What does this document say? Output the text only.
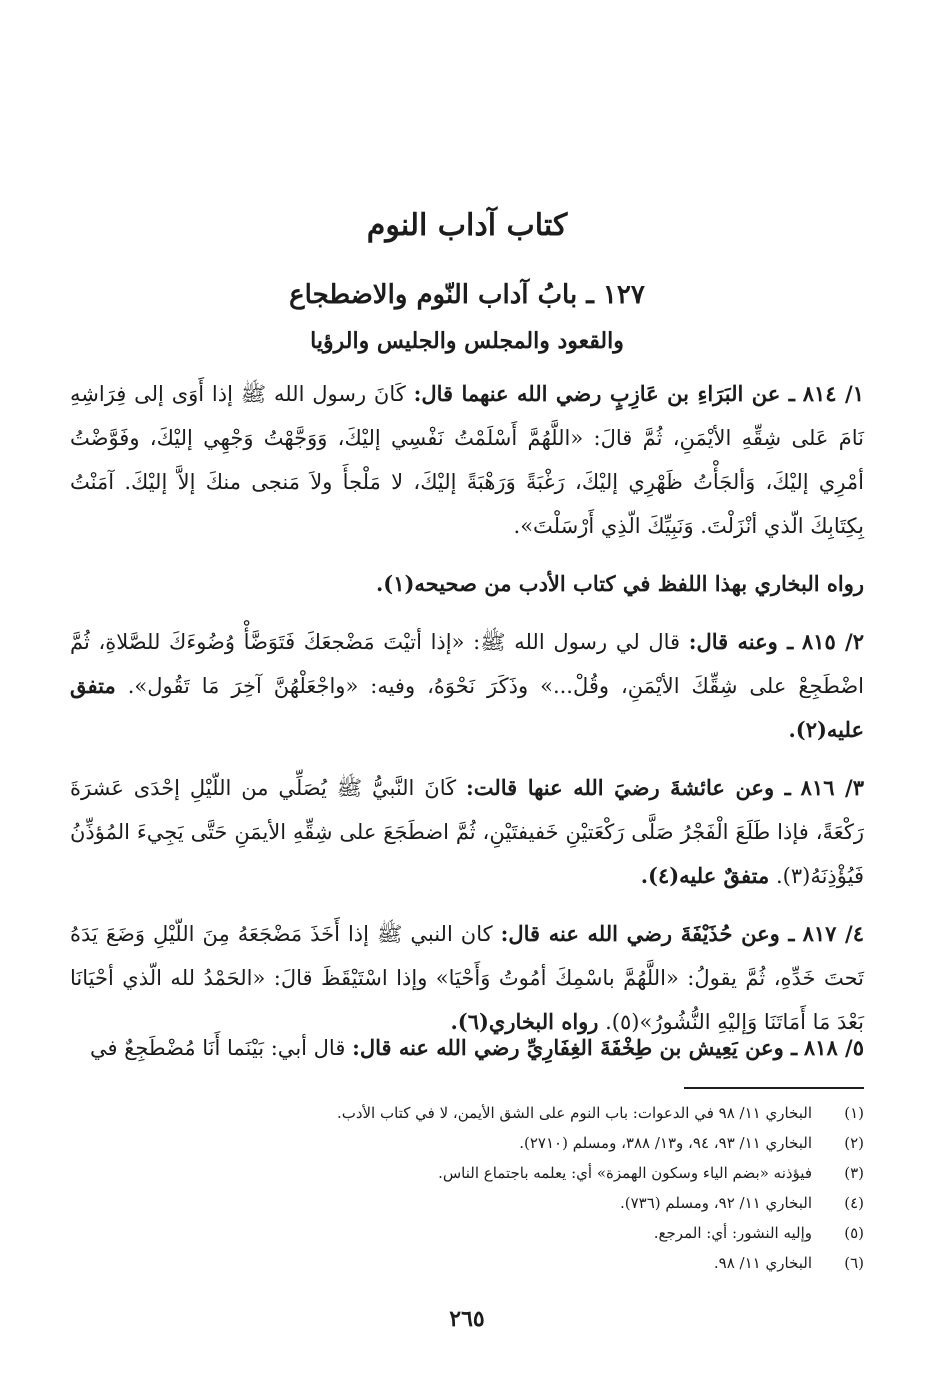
كتاب آداب النوم
١٢٧ ـ بابُ آداب النّوم والاضطجاع
والقعود والمجلس والجليس والرؤيا

١/ ٨١٤ ـ عن البَرَاءِ بن عَازِبٍ رضي الله عنهما قال: كَانَ رسول الله ﷺ إذا أَوَى إلى فِرَاشِهِ نَامَ عَلى شِقِّهِ الأيْمَنِ، ثُمَّ قالَ: «اللَّهُمَّ أَسْلَمْتُ نَفْسِي إليْكَ، وَوَجَّهْتُ وَجْهِي إليْكَ، وفَوَّضْتُ أمْرِي إليْكَ، وَألجَأْتُ ظَهْرِي إليْكَ، رَغْبَةً وَرَهْبَةً إليْكَ، لا مَلْجأَ ولاَ مَنجى منكَ إلاَّ إليْكَ. آمَنْتُ بِكِتَابِكَ الّذي أنْزَلْتَ. وَنَبِيِّكَ الّذِي أَرْسَلْتَ».

رواه البخاري بهذا اللفظ في كتاب الأدب من صحيحه(١).

٢/ ٨١٥ ـ وعنه قال: قال لي رسول الله ﷺ: «إذا أتيْتَ مَضْجعَكَ فَتَوَضَّأْ وُضُوءَكَ للصَّلاةِ، ثُمَّ اضْطَجِعْ على شِقِّكَ الأيْمَنِ، وقُلْ...» وذَكَرَ نَحْوَهُ، وفيه: «واجْعَلْهُنَّ آخِرَ مَا تَقُول». متفق عليه(٢).

٣/ ٨١٦ ـ وعن عائشةَ رضيَ الله عنها قالت: كَانَ النَّبيُّ ﷺ يُصَلِّي من اللّيْلِ إحْدَى عَشرَةَ رَكْعَةً، فإذا طَلَعَ الْفَجْرُ صَلَّى رَكْعَتيْنِ خَفيفتَيْنِ، ثُمَّ اضطَجَعَ على شِقِّهِ الأيمَنِ حَتَّى يَجِيءَ المُؤذِّنُ فَيُؤْذِنَهُ(٣). متفقٌ عليه(٤).

٤/ ٨١٧ ـ وعن حُذَيْفَةَ رضي الله عنه قال: كان النبي ﷺ إذا أَخَذَ مَضْجَعَهُ مِنَ اللّيْلِ وَضَعَ يَدَهُ تَحتَ خَدِّهِ، ثُمَّ يقولُ: «اللَّهُمَّ باسْمِكَ أمُوتُ وَأَحْيَا» وإذا اسْتَيْقَظَ قالَ: «الحَمْدُ لله الّذي أحْيَانَا بَعْدَ مَا أَمَاتَنَا وَإليْهِ النُّشُورُ»(٥). رواه البخاري(٦).

٥/ ٨١٨ ـ وعن يَعِيش بن طِخْفَةَ الغِفَارِيِّ رضي الله عنه قال: قال أبي: بَيْنَما أَنَا مُضْطَجِعٌ في

(١)البخاري ١١/ ٩٨ في الدعوات: باب النوم على الشق الأيمن، لا في كتاب الأدب.
(٢)البخاري ١١/ ٩٣، ٩٤، و١٣/ ٣٨٨، ومسلم (٢٧١٠).
(٣)فيؤذنه «بضم الياء وسكون الهمزة» أي: يعلمه باجتماع الناس.
(٤)البخاري ١١/ ٩٢، ومسلم (٧٣٦).
(٥)وإليه النشور: أي: المرجع.
(٦)البخاري ١١/ ٩٨.
٢٦٥
